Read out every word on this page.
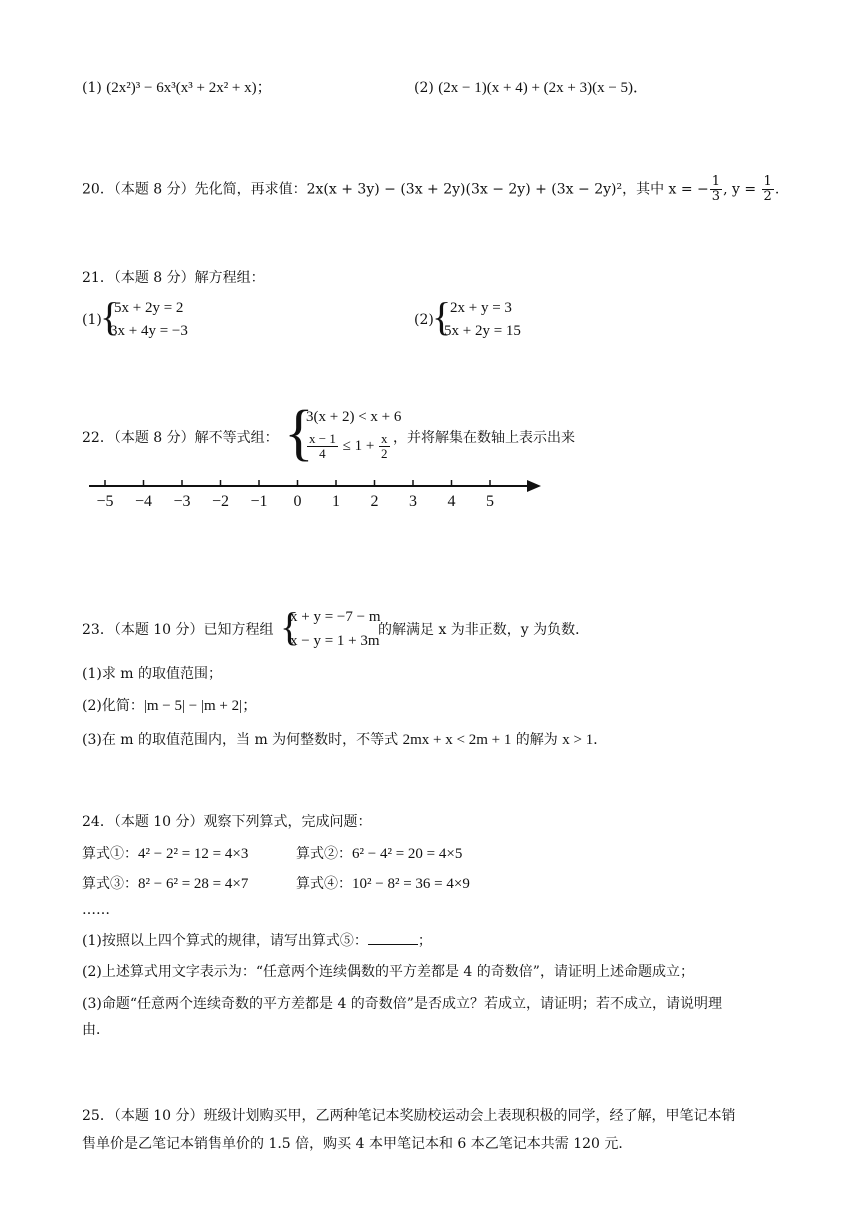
(1) (2x²)³ − 6x³(x³ + 2x² + x)；	(2) (2x − 1)(x + 4) + (2x + 3)(x − 5)．
20．（本题 8 分）先化简，再求值：2x(x + 3y) − (3x + 2y)(3x − 2y) + (3x − 2y)²，其中 x = − $\frac{1}{3}$ , $y = \frac{1}{2}$ .
21．（本题 8 分）解方程组：
(1)
{
5x + 2y = 2
3x + 4y = −3
(2)
{
2x + y = 3
5x + 2y = 15
22．（本题 8 分）解不等式组： {
3(x + 2) < x + 6
$\frac{x - 1}{4} \le 1 + \frac{x}{2}$ ，并将解集在数轴上表示出来
−5 −4 −3 −2 −1 0 1 2 3 4 5
23．（本题 10 分）已知方程组 {
x + y = −7 − m
x − y = 1 + 3m
的解满足 x 为非正数，y 为负数．
(1)求 m 的取值范围；
(2)化简：|m − 5| − |m + 2|；
(3)在 m 的取值范围内，当 m 为何整数时，不等式 2mx + x < 2m + 1 的解为 x > 1．
24．（本题 10 分）观察下列算式，完成问题：
算式①：4² − 2² = 12 = 4×3	算式②：6² − 4² = 20 = 4×5
算式③：8² − 6² = 28 = 4×7	算式④：10² − 8² = 36 = 4×9
……
(1)按照以上四个算式的规律，请写出算式⑤：	；
(2)上述算式用文字表示为：“任意两个连续偶数的平方差都是 4 的奇数倍”，请证明上述命题成立；
(3)命题“任意两个连续奇数的平方差都是 4 的奇数倍”是否成立？若成立，请证明；若不成立，请说明理
由．
25．（本题 10 分）班级计划购买甲，乙两种笔记本奖励校运动会上表现积极的同学，经了解，甲笔记本销
售单价是乙笔记本销售单价的 1.5 倍，购买 4 本甲笔记本和 6 本乙笔记本共需 120 元．
